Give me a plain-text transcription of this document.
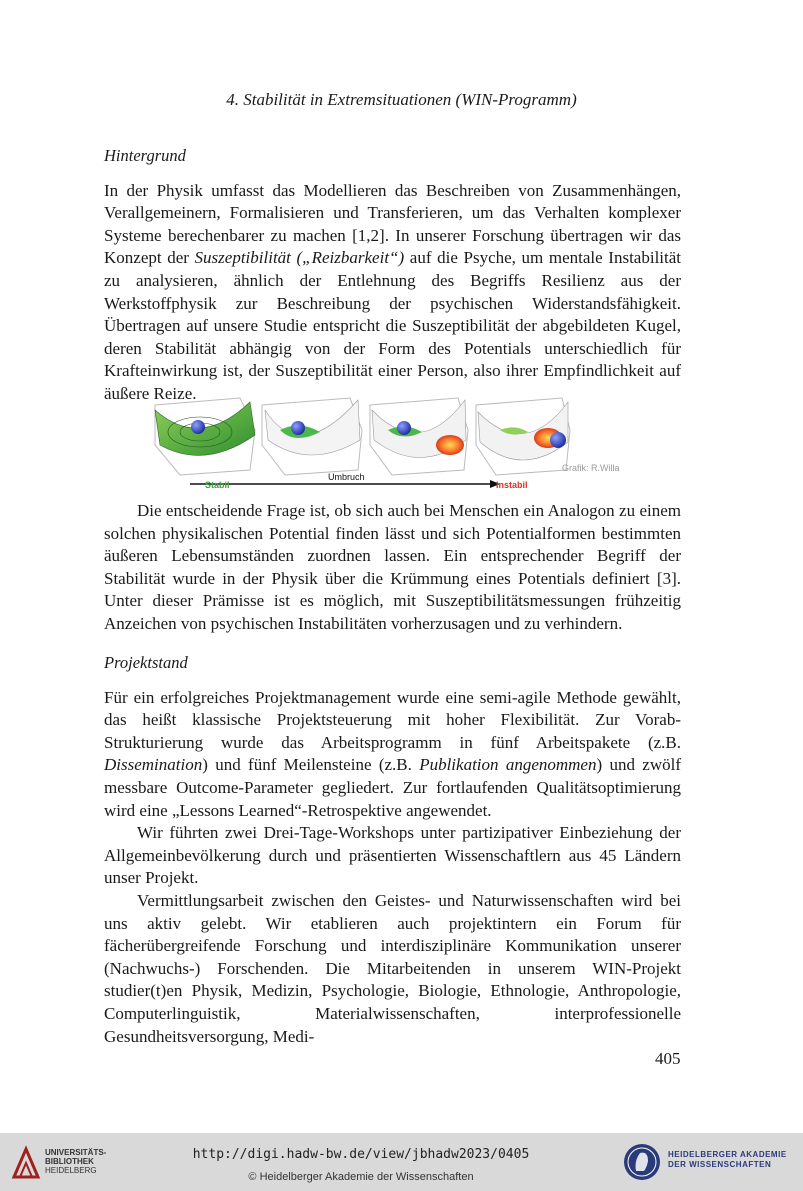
4. Stabilität in Extremsituationen (WIN-Programm)
Hintergrund

In der Physik umfasst das Modellieren das Beschreiben von Zusammenhängen, Verallgemeinern, Formalisieren und Transferieren, um das Verhalten komplexer Systeme berechenbarer zu machen [1,2]. In unserer Forschung übertragen wir das Konzept der Suszeptibilität („Reizbarkeit“) auf die Psyche, um mentale Instabilität zu analysieren, ähnlich der Entlehnung des Begriffs Resilienz aus der Werkstoffphysik zur Beschreibung der psychischen Widerstandsfähigkeit. Übertragen auf unsere Studie entspricht die Suszeptibilität der abgebildeten Kugel, deren Stabilität abhängig von der Form des Potentials unterschiedlich für Krafteinwirkung ist, der Suszeptibilität einer Person, also ihrer Empfindlichkeit auf äußere Reize.

Umbruch
Stabil	Instabil
Grafik: R.Willa

Die entscheidende Frage ist, ob sich auch bei Menschen ein Analogon zu einem solchen physikalischen Potential finden lässt und sich Potentialformen bestimmten äußeren Lebensumständen zuordnen lassen. Ein entsprechender Begriff der Stabilität wurde in der Physik über die Krümmung eines Potentials definiert [3]. Unter dieser Prämisse ist es möglich, mit Suszeptibilitätsmessungen frühzeitig Anzeichen von psychischen Instabilitäten vorherzusagen und zu verhindern.

Projektstand

Für ein erfolgreiches Projektmanagement wurde eine semi-agile Methode gewählt, das heißt klassische Projektsteuerung mit hoher Flexibilität. Zur Vorab-Strukturierung wurde das Arbeitsprogramm in fünf Arbeitspakete (z.B. Dissemination) und fünf Meilensteine (z.B. Publikation angenommen) und zwölf messbare Outcome-Parameter gegliedert. Zur fortlaufenden Qualitätsoptimierung wird eine „Lessons Learned“-Retrospektive angewendet.

Wir führten zwei Drei-Tage-Workshops unter partizipativer Einbeziehung der Allgemeinbevölkerung durch und präsentierten Wissenschaftlern aus 45 Ländern unser Projekt.

Vermittlungsarbeit zwischen den Geistes- und Naturwissenschaften wird bei uns aktiv gelebt. Wir etablieren auch projektintern ein Forum für fächerübergreifende Forschung und interdisziplinäre Kommunikation unserer (Nachwuchs-) Forschenden. Die Mitarbeitenden in unserem WIN-Projekt studier(t)en Physik, Medizin, Psychologie, Biologie, Ethnologie, Anthropologie, Computerlinguistik, Materialwissenschaften, interprofessionelle Gesundheitsversorgung, Medi-

405
UNIVERSITÄTS-
BIBLIOTHEK
HEIDELBERG
http://digi.hadw-bw.de/view/jbhadw2023/0405
© Heidelberger Akademie der Wissenschaften
HEIDELBERGER AKADEMIE
DER WISSENSCHAFTEN
